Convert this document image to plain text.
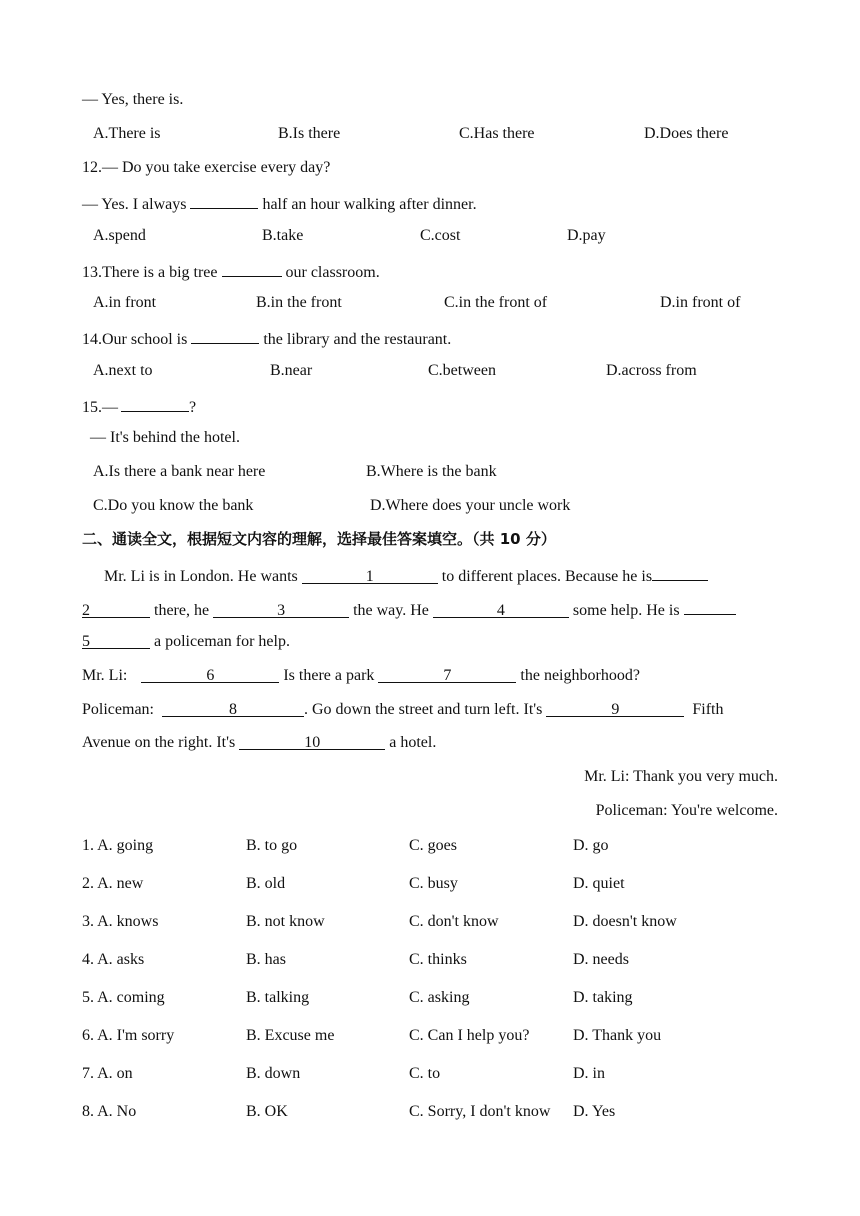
— Yes, there is.
A.There is	B.Is there	C.Has there	D.Does there
12.— Do you take exercise every day?
— Yes. I always	half an hour walking after dinner.
A.spend	B.take	C.cost	D.pay
13.There is a big tree	our classroom.
A.in front	B.in the front	C.in the front of	D.in front of
14.Our school is	the library and the restaurant.
A.next to	B.near	C.between	D.across from
15.—	?
— It's behind the hotel.
A.Is there a bank near here	B.Where is the bank
C.Do you know the bank	D.Where does your uncle work
二、通读全文，根据短文内容的理解，选择最佳答案填空。（共 10 分）
Mr. Li is in London. He wants	1	to different places. Because he is
2	there, he	3	the way. He	4	some help. He is
5	a policeman for help.
Mr. Li:	6	Is there a park	7	the neighborhood?
Policeman:	8	. Go down the street and turn left. It's	9	Fifth
Avenue on the right. It's	10	a hotel.
Mr. Li: Thank you very much.
Policeman: You're welcome.
1. A. going	B. to go	C. goes	D. go
2. A. new	B. old	C. busy	D. quiet
3. A. knows	B. not know	C. don't know	D. doesn't know
4. A. asks	B. has	C. thinks	D. needs
5. A. coming	B. talking	C. asking	D. taking
6. A. I'm sorry	B. Excuse me	C. Can I help you?	D. Thank you
7. A. on	B. down	C. to	D. in
8. A. No	B. OK	C. Sorry, I don't know D. Yes
